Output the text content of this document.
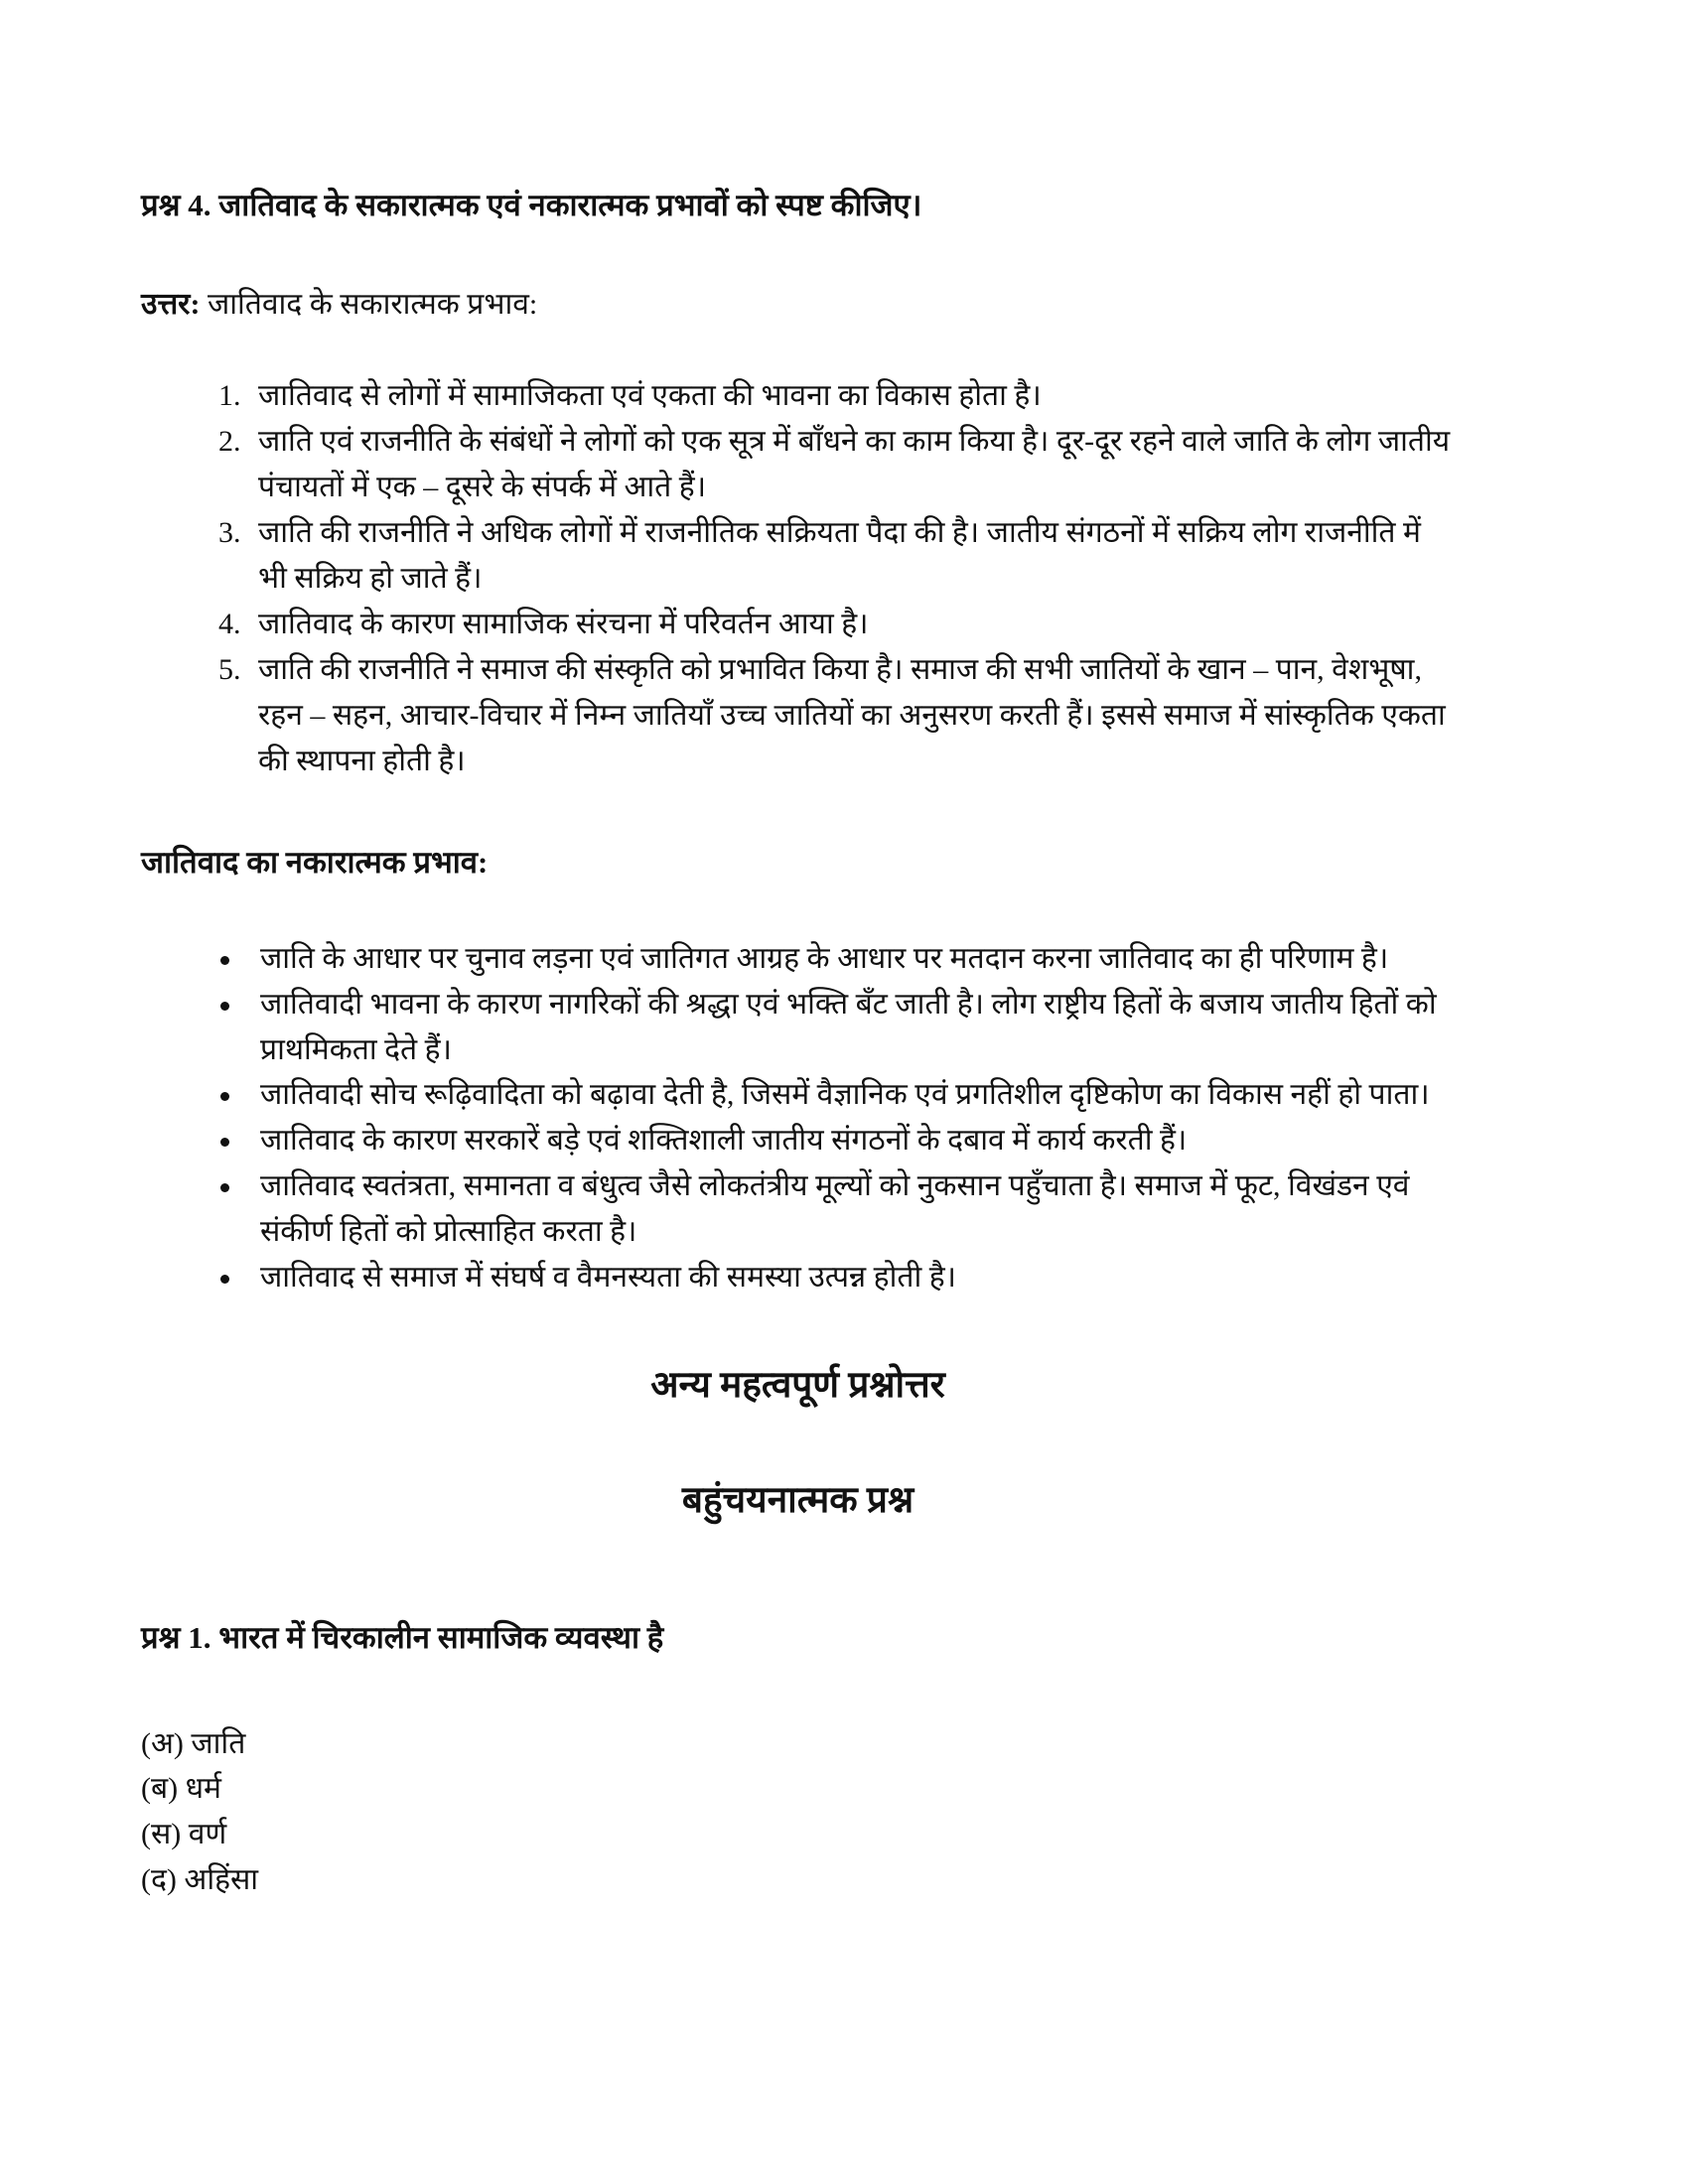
प्रश्न 4. जातिवाद के सकारात्मक एवं नकारात्मक प्रभावों को स्पष्ट कीजिए।
उत्तर: जातिवाद के सकारात्मक प्रभाव:
1. जातिवाद से लोगों में सामाजिकता एवं एकता की भावना का विकास होता है।
2. जाति एवं राजनीति के संबंधों ने लोगों को एक सूत्र में बाँधने का काम किया है। दूर-दूर रहने वाले जाति के लोग जातीय पंचायतों में एक – दूसरे के संपर्क में आते हैं।
3. जाति की राजनीति ने अधिक लोगों में राजनीतिक सक्रियता पैदा की है। जातीय संगठनों में सक्रिय लोग राजनीति में भी सक्रिय हो जाते हैं।
4. जातिवाद के कारण सामाजिक संरचना में परिवर्तन आया है।
5. जाति की राजनीति ने समाज की संस्कृति को प्रभावित किया है। समाज की सभी जातियों के खान – पान, वेशभूषा, रहन – सहन, आचार-विचार में निम्न जातियाँ उच्च जातियों का अनुसरण करती हैं। इससे समाज में सांस्कृतिक एकता की स्थापना होती है।
जातिवाद का नकारात्मक प्रभाव:
जाति के आधार पर चुनाव लड़ना एवं जातिगत आग्रह के आधार पर मतदान करना जातिवाद का ही परिणाम है।
जातिवादी भावना के कारण नागरिकों की श्रद्धा एवं भक्ति बँट जाती है। लोग राष्ट्रीय हितों के बजाय जातीय हितों को प्राथमिकता देते हैं।
जातिवादी सोच रूढ़िवादिता को बढ़ावा देती है, जिसमें वैज्ञानिक एवं प्रगतिशील दृष्टिकोण का विकास नहीं हो पाता।
जातिवाद के कारण सरकारें बड़े एवं शक्तिशाली जातीय संगठनों के दबाव में कार्य करती हैं।
जातिवाद स्वतंत्रता, समानता व बंधुत्व जैसे लोकतंत्रीय मूल्यों को नुकसान पहुँचाता है। समाज में फूट, विखंडन एवं संकीर्ण हितों को प्रोत्साहित करता है।
जातिवाद से समाज में संघर्ष व वैमनस्यता की समस्या उत्पन्न होती है।
अन्य महत्वपूर्ण प्रश्नोत्तर
बहुंचयनात्मक प्रश्न
प्रश्न 1. भारत में चिरकालीन सामाजिक व्यवस्था है
(अ) जाति
(ब) धर्म
(स) वर्ण
(द) अहिंसा
